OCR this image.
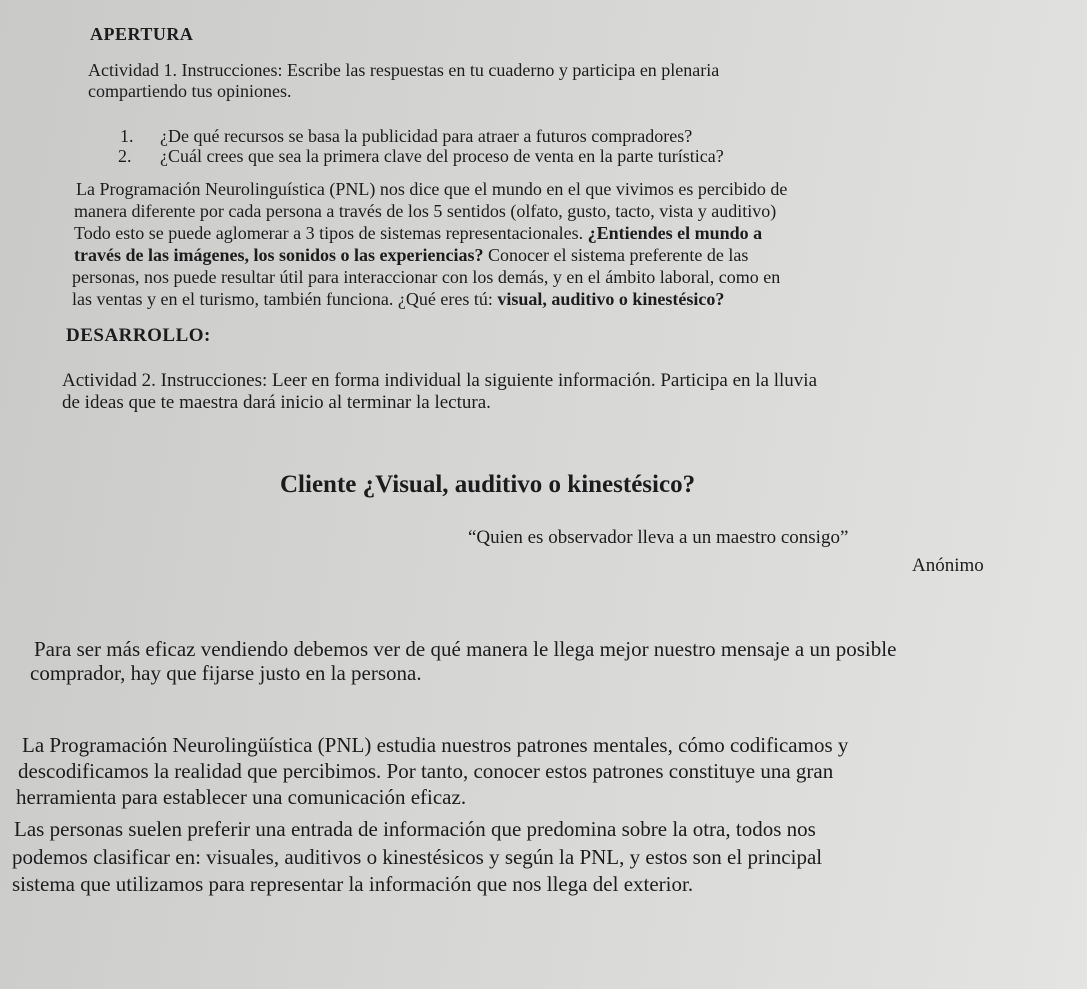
APERTURA

Actividad 1. Instrucciones: Escribe las respuestas en tu cuaderno y participa en plenaria

compartiendo tus opiniones.

1. ¿De qué recursos se basa la publicidad para atraer a futuros compradores?

2. ¿Cuál crees que sea la primera clave del proceso de venta en la parte turística?

La Programación Neurolinguística (PNL) nos dice que el mundo en el que vivimos es percibido de

manera diferente por cada persona a través de los 5 sentidos (olfato, gusto, tacto, vista y auditivo)

Todo esto se puede aglomerar a 3 tipos de sistemas representacionales. ¿Entiendes el mundo a

través de las imágenes, los sonidos o las experiencias? Conocer el sistema preferente de las

personas, nos puede resultar útil para interaccionar con los demás, y en el ámbito laboral, como en

las ventas y en el turismo, también funciona. ¿Qué eres tú: visual, auditivo o kinestésico?

DESARROLLO:

Actividad 2. Instrucciones: Leer en forma individual la siguiente información. Participa en la lluvia

de ideas que te maestra dará inicio al terminar la lectura.

Cliente ¿Visual, auditivo o kinestésico?

“Quien es observador lleva a un maestro consigo”

Anónimo

Para ser más eficaz vendiendo debemos ver de qué manera le llega mejor nuestro mensaje a un posible

comprador, hay que fijarse justo en la persona.

La Programación Neurolingüística (PNL) estudia nuestros patrones mentales, cómo codificamos y

descodificamos la realidad que percibimos. Por tanto, conocer estos patrones constituye una gran

herramienta para establecer una comunicación eficaz.

Las personas suelen preferir una entrada de información que predomina sobre la otra, todos nos

podemos clasificar en: visuales, auditivos o kinestésicos y según la PNL, y estos son el principal

sistema que utilizamos para representar la información que nos llega del exterior.
